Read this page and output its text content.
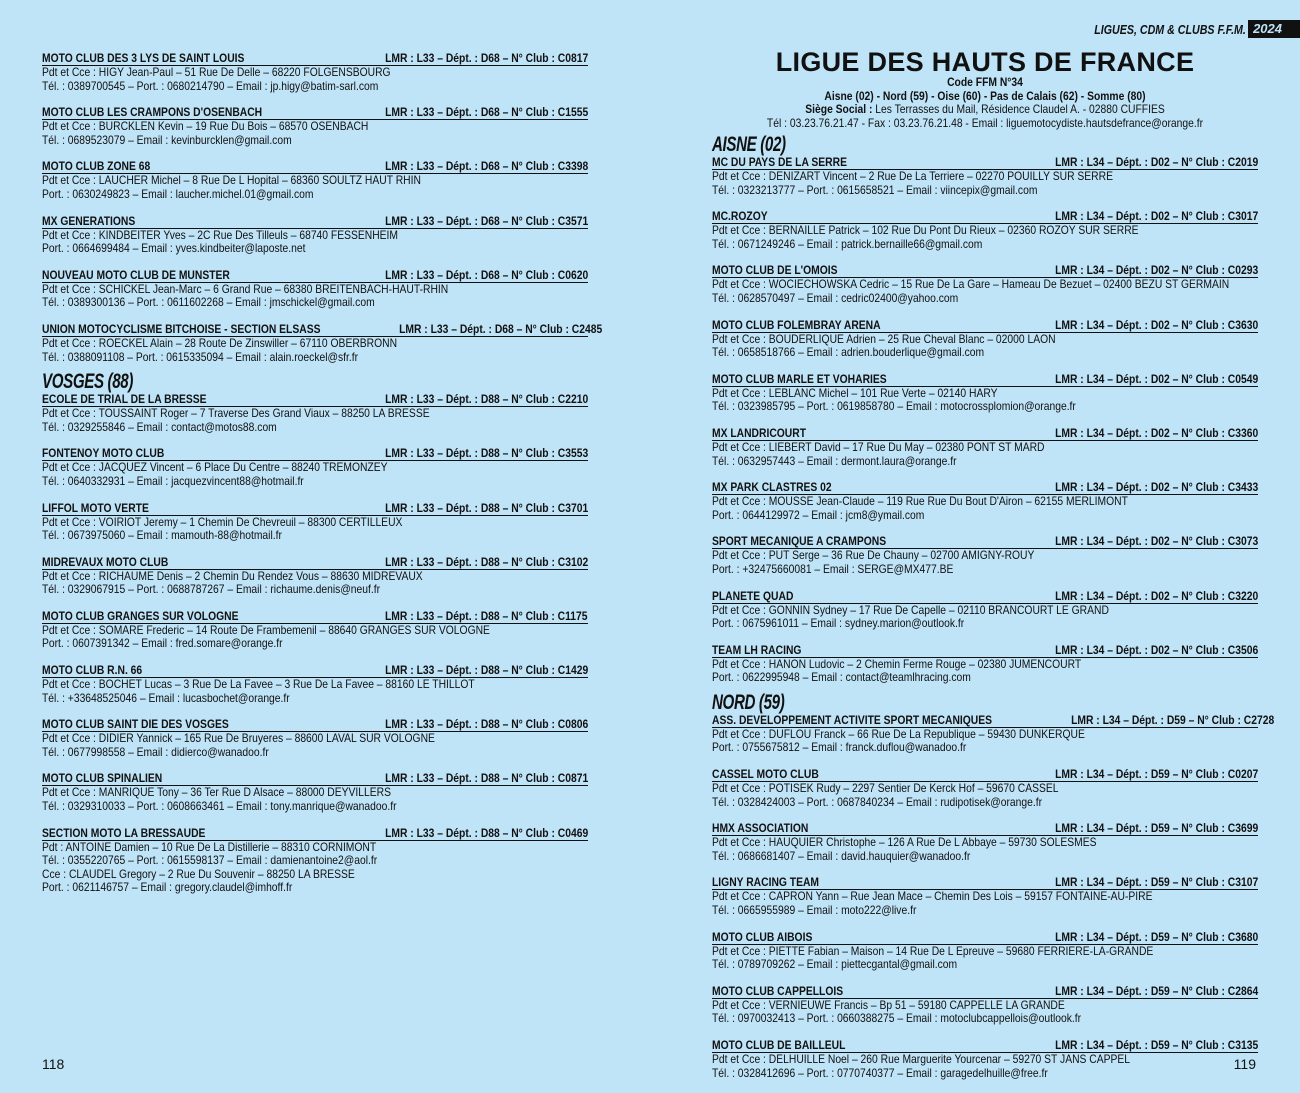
MOTO CLUB DES 3 LYS DE SAINT LOUIS	LMR : L33 – Dépt. : D68 – N° Club : C0817
Pdt et Cce : HIGY Jean-Paul – 51 Rue De Delle – 68220 FOLGENSBOURG
Tél. : 0389700545 – Port. : 0680214790 – Email : jp.higy@batim-sarl.com
MOTO CLUB LES CRAMPONS D'OSENBACH	LMR : L33 – Dépt. : D68 – N° Club : C1555
Pdt et Cce : BURCKLEN Kevin – 19 Rue Du Bois – 68570 OSENBACH
Tél. : 0689523079 – Email : kevinburcklen@gmail.com
MOTO CLUB ZONE 68	LMR : L33 – Dépt. : D68 – N° Club : C3398
Pdt et Cce : LAUCHER Michel – 8 Rue De L Hopital – 68360 SOULTZ HAUT RHIN
Port. : 0630249823 – Email : laucher.michel.01@gmail.com
MX GENERATIONS	LMR : L33 – Dépt. : D68 – N° Club : C3571
Pdt et Cce : KINDBEITER Yves – 2C Rue Des Tilleuls – 68740 FESSENHEIM
Port. : 0664699484 – Email : yves.kindbeiter@laposte.net
NOUVEAU MOTO CLUB DE MUNSTER	LMR : L33 – Dépt. : D68 – N° Club : C0620
Pdt et Cce : SCHICKEL Jean-Marc – 6 Grand Rue – 68380 BREITENBACH-HAUT-RHIN
Tél. : 0389300136 – Port. : 0611602268 – Email : jmschickel@gmail.com
UNION MOTOCYCLISME BITCHOISE - SECTION ELSASS	LMR : L33 – Dépt. : D68 – N° Club : C2485
Pdt et Cce : ROECKEL Alain – 28 Route De Zinswiller – 67110 OBERBRONN
Tél. : 0388091108 – Port. : 0615335094 – Email : alain.roeckel@sfr.fr
VOSGES (88)
ECOLE DE TRIAL DE LA BRESSE	LMR : L33 – Dépt. : D88 – N° Club : C2210
Pdt et Cce : TOUSSAINT Roger – 7 Traverse Des Grand Viaux – 88250 LA BRESSE
Tél. : 0329255846 – Email : contact@motos88.com
FONTENOY MOTO CLUB	LMR : L33 – Dépt. : D88 – N° Club : C3553
Pdt et Cce : JACQUEZ Vincent – 6 Place Du Centre – 88240 TREMONZEY
Tél. : 0640332931 – Email : jacquezvincent88@hotmail.fr
LIFFOL MOTO VERTE	LMR : L33 – Dépt. : D88 – N° Club : C3701
Pdt et Cce : VOIRIOT Jeremy – 1 Chemin De Chevreuil – 88300 CERTILLEUX
Tél. : 0673975060 – Email : mamouth-88@hotmail.fr
MIDREVAUX MOTO CLUB	LMR : L33 – Dépt. : D88 – N° Club : C3102
Pdt et Cce : RICHAUME Denis – 2 Chemin Du Rendez Vous – 88630 MIDREVAUX
Tél. : 0329067915 – Port. : 0688787267 – Email : richaume.denis@neuf.fr
MOTO CLUB GRANGES SUR VOLOGNE	LMR : L33 – Dépt. : D88 – N° Club : C1175
Pdt et Cce : SOMARE Frederic – 14 Route De Frambemenil – 88640 GRANGES SUR VOLOGNE
Port. : 0607391342 – Email : fred.somare@orange.fr
MOTO CLUB R.N. 66	LMR : L33 – Dépt. : D88 – N° Club : C1429
Pdt et Cce : BOCHET Lucas – 3 Rue De La Favee – 3 Rue De La Favee – 88160 LE THILLOT
Tél. : +33648525046 – Email : lucasbochet@orange.fr
MOTO CLUB SAINT DIE DES VOSGES	LMR : L33 – Dépt. : D88 – N° Club : C0806
Pdt et Cce : DIDIER Yannick – 165 Rue De Bruyeres – 88600 LAVAL SUR VOLOGNE
Tél. : 0677998558 – Email : didierco@wanadoo.fr
MOTO CLUB SPINALIEN	LMR : L33 – Dépt. : D88 – N° Club : C0871
Pdt et Cce : MANRIQUE Tony – 36 Ter Rue D Alsace – 88000 DEYVILLERS
Tél. : 0329310033 – Port. : 0608663461 – Email : tony.manrique@wanadoo.fr
SECTION MOTO LA BRESSAUDE	LMR : L33 – Dépt. : D88 – N° Club : C0469
Pdt : ANTOINE Damien – 10 Rue De La Distillerie – 88310 CORNIMONT
Tél. : 0355220765 – Port. : 0615598137 – Email : damienantoine2@aol.fr
Cce : CLAUDEL Gregory – 2 Rue Du Souvenir – 88250 LA BRESSE
Port. : 0621146757 – Email : gregory.claudel@imhoff.fr
118
LIGUES, CDM & CLUBS F.F.M. 2024
LIGUE DES HAUTS DE FRANCE
Code FFM N°34
Aisne (02) - Nord (59) - Oise (60) - Pas de Calais (62) - Somme (80)
Siège Social : Les Terrasses du Mail, Résidence Claudel A. - 02880 CUFFIES
Tél : 03.23.76.21.47 - Fax : 03.23.76.21.48 - Email : liguemotocydiste.hautsdefrance@orange.fr
AISNE (02)
MC DU PAYS DE LA SERRE	LMR : L34 – Dépt. : D02 – N° Club : C2019
Pdt et Cce : DENIZART Vincent – 2 Rue De La Terriere – 02270 POUILLY SUR SERRE
Tél. : 0323213777 – Port. : 0615658521 – Email : viincepix@gmail.com
MC.ROZOY	LMR : L34 – Dépt. : D02 – N° Club : C3017
Pdt et Cce : BERNAILLE Patrick – 102 Rue Du Pont Du Rieux – 02360 ROZOY SUR SERRE
Tél. : 0671249246 – Email : patrick.bernaille66@gmail.com
MOTO CLUB DE L'OMOIS	LMR : L34 – Dépt. : D02 – N° Club : C0293
Pdt et Cce : WOCIECHOWSKA Cedric – 15 Rue De La Gare – Hameau De Bezuet – 02400 BEZU ST GERMAIN
Tél. : 0628570497 – Email : cedric02400@yahoo.com
MOTO CLUB FOLEMBRAY ARENA	LMR : L34 – Dépt. : D02 – N° Club : C3630
Pdt et Cce : BOUDERLIQUE Adrien – 25 Rue Cheval Blanc – 02000 LAON
Tél. : 0658518766 – Email : adrien.bouderlique@gmail.com
MOTO CLUB MARLE ET VOHARIES	LMR : L34 – Dépt. : D02 – N° Club : C0549
Pdt et Cce : LEBLANC Michel – 101 Rue Verte – 02140 HARY
Tél. : 0323985795 – Port. : 0619858780 – Email : motocrossplomion@orange.fr
MX LANDRICOURT	LMR : L34 – Dépt. : D02 – N° Club : C3360
Pdt et Cce : LIEBERT David – 17 Rue Du May – 02380 PONT ST MARD
Tél. : 0632957443 – Email : dermont.laura@orange.fr
MX PARK CLASTRES 02	LMR : L34 – Dépt. : D02 – N° Club : C3433
Pdt et Cce : MOUSSE Jean-Claude – 119 Rue Rue Du Bout D'Airon – 62155 MERLIMONT
Port. : 0644129972 – Email : jcm8@ymail.com
SPORT MECANIQUE A CRAMPONS	LMR : L34 – Dépt. : D02 – N° Club : C3073
Pdt et Cce : PUT Serge – 36 Rue De Chauny – 02700 AMIGNY-ROUY
Port. : +32475660081 – Email : SERGE@MX477.BE
PLANETE QUAD	LMR : L34 – Dépt. : D02 – N° Club : C3220
Pdt et Cce : GONNIN Sydney – 17 Rue De Capelle – 02110 BRANCOURT LE GRAND
Port. : 0675961011 – Email : sydney.marion@outlook.fr
TEAM LH RACING	LMR : L34 – Dépt. : D02 – N° Club : C3506
Pdt et Cce : HANON Ludovic – 2 Chemin Ferme Rouge – 02380 JUMENCOURT
Port. : 0622995948 – Email : contact@teamlhracing.com
NORD (59)
ASS. DEVELOPPEMENT ACTIVITE SPORT MECANIQUES	LMR : L34 – Dépt. : D59 – N° Club : C2728
Pdt et Cce : DUFLOU Franck – 66 Rue De La Republique – 59430 DUNKERQUE
Port. : 0755675812 – Email : franck.duflou@wanadoo.fr
CASSEL MOTO CLUB	LMR : L34 – Dépt. : D59 – N° Club : C0207
Pdt et Cce : POTISEK Rudy – 2297 Sentier De Kerck Hof – 59670 CASSEL
Tél. : 0328424003 – Port. : 0687840234 – Email : rudipotisek@orange.fr
HMX ASSOCIATION	LMR : L34 – Dépt. : D59 – N° Club : C3699
Pdt et Cce : HAUQUIER Christophe – 126 A Rue De L Abbaye – 59730 SOLESMES
Tél. : 0686681407 – Email : david.hauquier@wanadoo.fr
LIGNY RACING TEAM	LMR : L34 – Dépt. : D59 – N° Club : C3107
Pdt et Cce : CAPRON Yann – Rue Jean Mace – Chemin Des Lois – 59157 FONTAINE-AU-PIRE
Tél. : 0665955989 – Email : moto222@live.fr
MOTO CLUB AIBOIS	LMR : L34 – Dépt. : D59 – N° Club : C3680
Pdt et Cce : PIETTE Fabian – Maison – 14 Rue De L Epreuve – 59680 FERRIERE-LA-GRANDE
Tél. : 0789709262 – Email : piettecgantal@gmail.com
MOTO CLUB CAPPELLOIS	LMR : L34 – Dépt. : D59 – N° Club : C2864
Pdt et Cce : VERNIEUWE Francis – Bp 51 – 59180 CAPPELLE LA GRANDE
Tél. : 0970032413 – Port. : 0660388275 – Email : motoclubcappellois@outlook.fr
MOTO CLUB DE BAILLEUL	LMR : L34 – Dépt. : D59 – N° Club : C3135
Pdt et Cce : DELHUILLE Noel – 260 Rue Marguerite Yourcenar – 59270 ST JANS CAPPEL
Tél. : 0328412696 – Port. : 0770740377 – Email : garagedelhuille@free.fr
119
